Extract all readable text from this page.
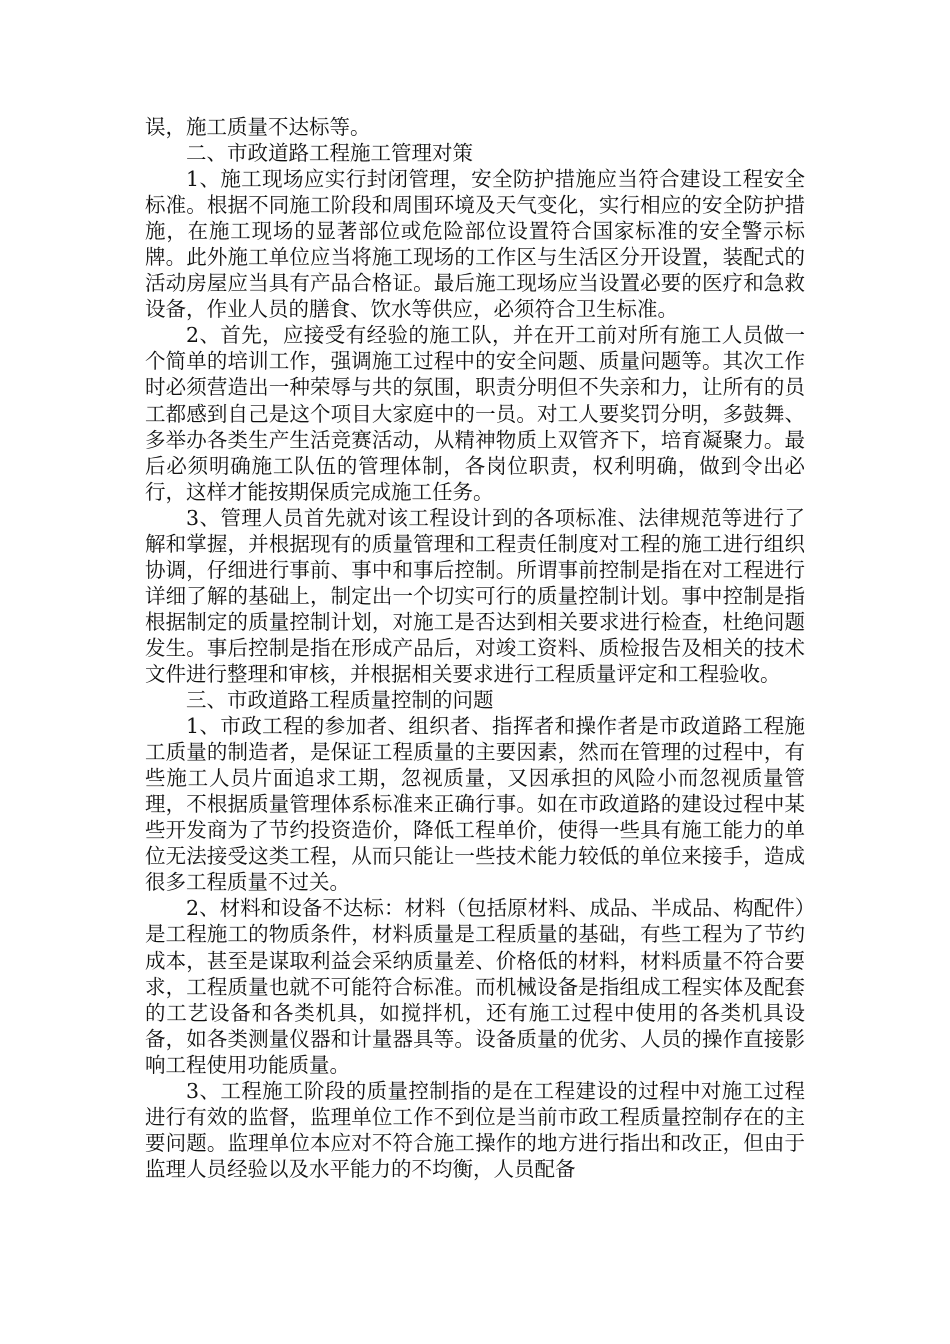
误，施工质量不达标等。

二、市政道路工程施工管理对策

1、施工现场应实行封闭管理，安全防护措施应当符合建设工程安全标准。根据不同施工阶段和周围环境及天气变化，实行相应的安全防护措施，在施工现场的显著部位或危险部位设置符合国家标准的安全警示标牌。此外施工单位应当将施工现场的工作区与生活区分开设置，装配式的活动房屋应当具有产品合格证。最后施工现场应当设置必要的医疗和急救设备，作业人员的膳食、饮水等供应，必须符合卫生标准。

2、首先，应接受有经验的施工队，并在开工前对所有施工人员做一个简单的培训工作，强调施工过程中的安全问题、质量问题等。其次工作时必须营造出一种荣辱与共的氛围，职责分明但不失亲和力，让所有的员工都感到自己是这个项目大家庭中的一员。对工人要奖罚分明，多鼓舞、多举办各类生产生活竞赛活动，从精神物质上双管齐下，培育凝聚力。最后必须明确施工队伍的管理体制，各岗位职责，权利明确，做到令出必行，这样才能按期保质完成施工任务。

3、管理人员首先就对该工程设计到的各项标准、法律规范等进行了解和掌握，并根据现有的质量管理和工程责任制度对工程的施工进行组织协调，仔细进行事前、事中和事后控制。所谓事前控制是指在对工程进行详细了解的基础上，制定出一个切实可行的质量控制计划。事中控制是指根据制定的质量控制计划，对施工是否达到相关要求进行检查，杜绝问题发生。事后控制是指在形成产品后，对竣工资料、质检报告及相关的技术文件进行整理和审核，并根据相关要求进行工程质量评定和工程验收。

三、市政道路工程质量控制的问题

1、市政工程的参加者、组织者、指挥者和操作者是市政道路工程施工质量的制造者，是保证工程质量的主要因素，然而在管理的过程中，有些施工人员片面追求工期，忽视质量，又因承担的风险小而忽视质量管理，不根据质量管理体系标准来正确行事。如在市政道路的建设过程中某些开发商为了节约投资造价，降低工程单价，使得一些具有施工能力的单位无法接受这类工程，从而只能让一些技术能力较低的单位来接手，造成很多工程质量不过关。

2、材料和设备不达标：材料（包括原材料、成品、半成品、构配件）是工程施工的物质条件，材料质量是工程质量的基础，有些工程为了节约成本，甚至是谋取利益会采纳质量差、价格低的材料，材料质量不符合要求，工程质量也就不可能符合标准。而机械设备是指组成工程实体及配套的工艺设备和各类机具，如搅拌机，还有施工过程中使用的各类机具设备，如各类测量仪器和计量器具等。设备质量的优劣、人员的操作直接影响工程使用功能质量。

3、工程施工阶段的质量控制指的是在工程建设的过程中对施工过程进行有效的监督，监理单位工作不到位是当前市政工程质量控制存在的主要问题。监理单位本应对不符合施工操作的地方进行指出和改正，但由于监理人员经验以及水平能力的不均衡，人员配备
